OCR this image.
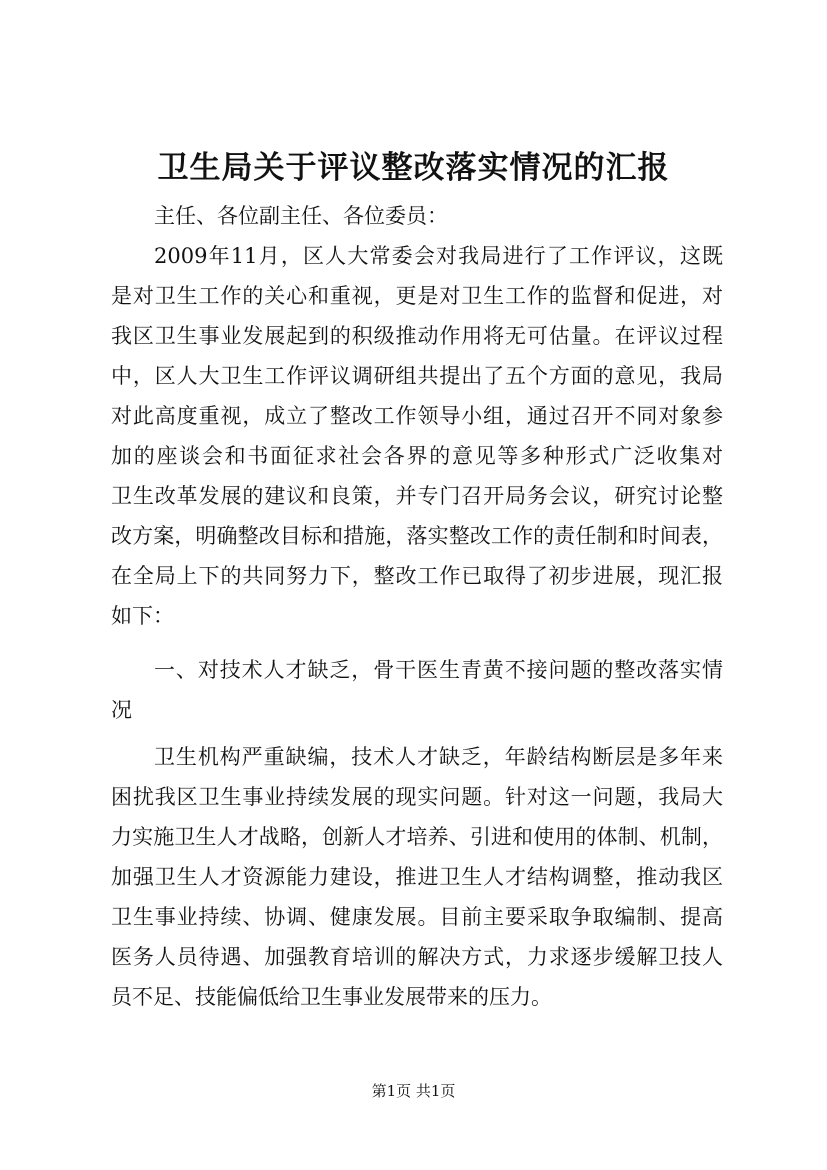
卫生局关于评议整改落实情况的汇报
主任、各位副主任、各位委员：
2009年11月，区人大常委会对我局进行了工作评议，这既
是对卫生工作的关心和重视，更是对卫生工作的监督和促进，对
我区卫生事业发展起到的积级推动作用将无可估量。在评议过程
中，区人大卫生工作评议调研组共提出了五个方面的意见，我局
对此高度重视，成立了整改工作领导小组，通过召开不同对象参
加的座谈会和书面征求社会各界的意见等多种形式广泛收集对
卫生改革发展的建议和良策，并专门召开局务会议，研究讨论整
改方案，明确整改目标和措施，落实整改工作的责任制和时间表，
在全局上下的共同努力下，整改工作已取得了初步进展，现汇报
如下：
一、对技术人才缺乏，骨干医生青黄不接问题的整改落实情
况
卫生机构严重缺编，技术人才缺乏，年龄结构断层是多年来
困扰我区卫生事业持续发展的现实问题。针对这一问题，我局大
力实施卫生人才战略，创新人才培养、引进和使用的体制、机制，
加强卫生人才资源能力建设，推进卫生人才结构调整，推动我区
卫生事业持续、协调、健康发展。目前主要采取争取编制、提高
医务人员待遇、加强教育培训的解决方式，力求逐步缓解卫技人
员不足、技能偏低给卫生事业发展带来的压力。
第1页 共1页
